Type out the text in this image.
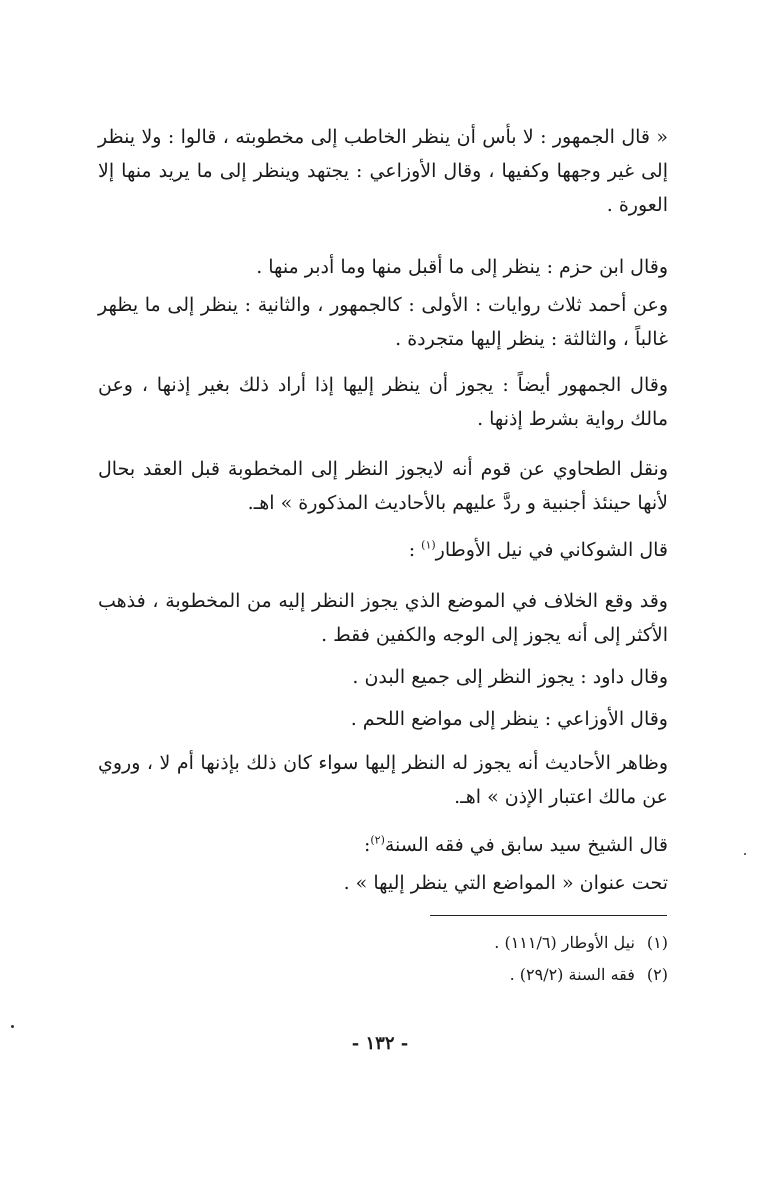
« قال الجمهور : لا بأس أن ينظر الخاطب إلى مخطوبته ، قالوا : ولا ينظر إلى غير وجهها وكفيها ، وقال الأوزاعي : يجتهد وينظر إلى ما يريد منها إلا العورة .

وقال ابن حزم : ينظر إلى ما أقبل منها وما أدبر منها .

وعن أحمد ثلاث روايات : الأولى : كالجمهور ، والثانية : ينظر إلى ما يظهر غالباً ، والثالثة : ينظر إليها متجردة .

وقال الجمهور أيضاً : يجوز أن ينظر إليها إذا أراد ذلك بغير إذنها ، وعن مالك رواية بشرط إذنها .

ونقل الطحاوي عن قوم أنه لايجوز النظر إلى المخطوبة قبل العقد بحال لأنها حينئذ أجنبية و ردَّ عليهم بالأحاديث المذكورة » اهـ.

قال الشوكاني في نيل الأوطار$^{(١)}$ :

وقد وقع الخلاف في الموضع الذي يجوز النظر إليه من المخطوبة ، فذهب الأكثر إلى أنه يجوز إلى الوجه والكفين فقط .

وقال داود : يجوز النظر إلى جميع البدن .

وقال الأوزاعي : ينظر إلى مواضع اللحم .

وظاهر الأحاديث أنه يجوز له النظر إليها سواء كان ذلك بإذنها أم لا ، وروي عن مالك اعتبار الإذن » اهـ.

قال الشيخ سيد سابق في فقه السنة$^{(٢)}$:

تحت عنوان « المواضع التي ينظر إليها » .

(١)نيل الأوطار (١١١/٦) .
(٢)فقه السنة (٢٩/٢) .
- ١٣٢ -
